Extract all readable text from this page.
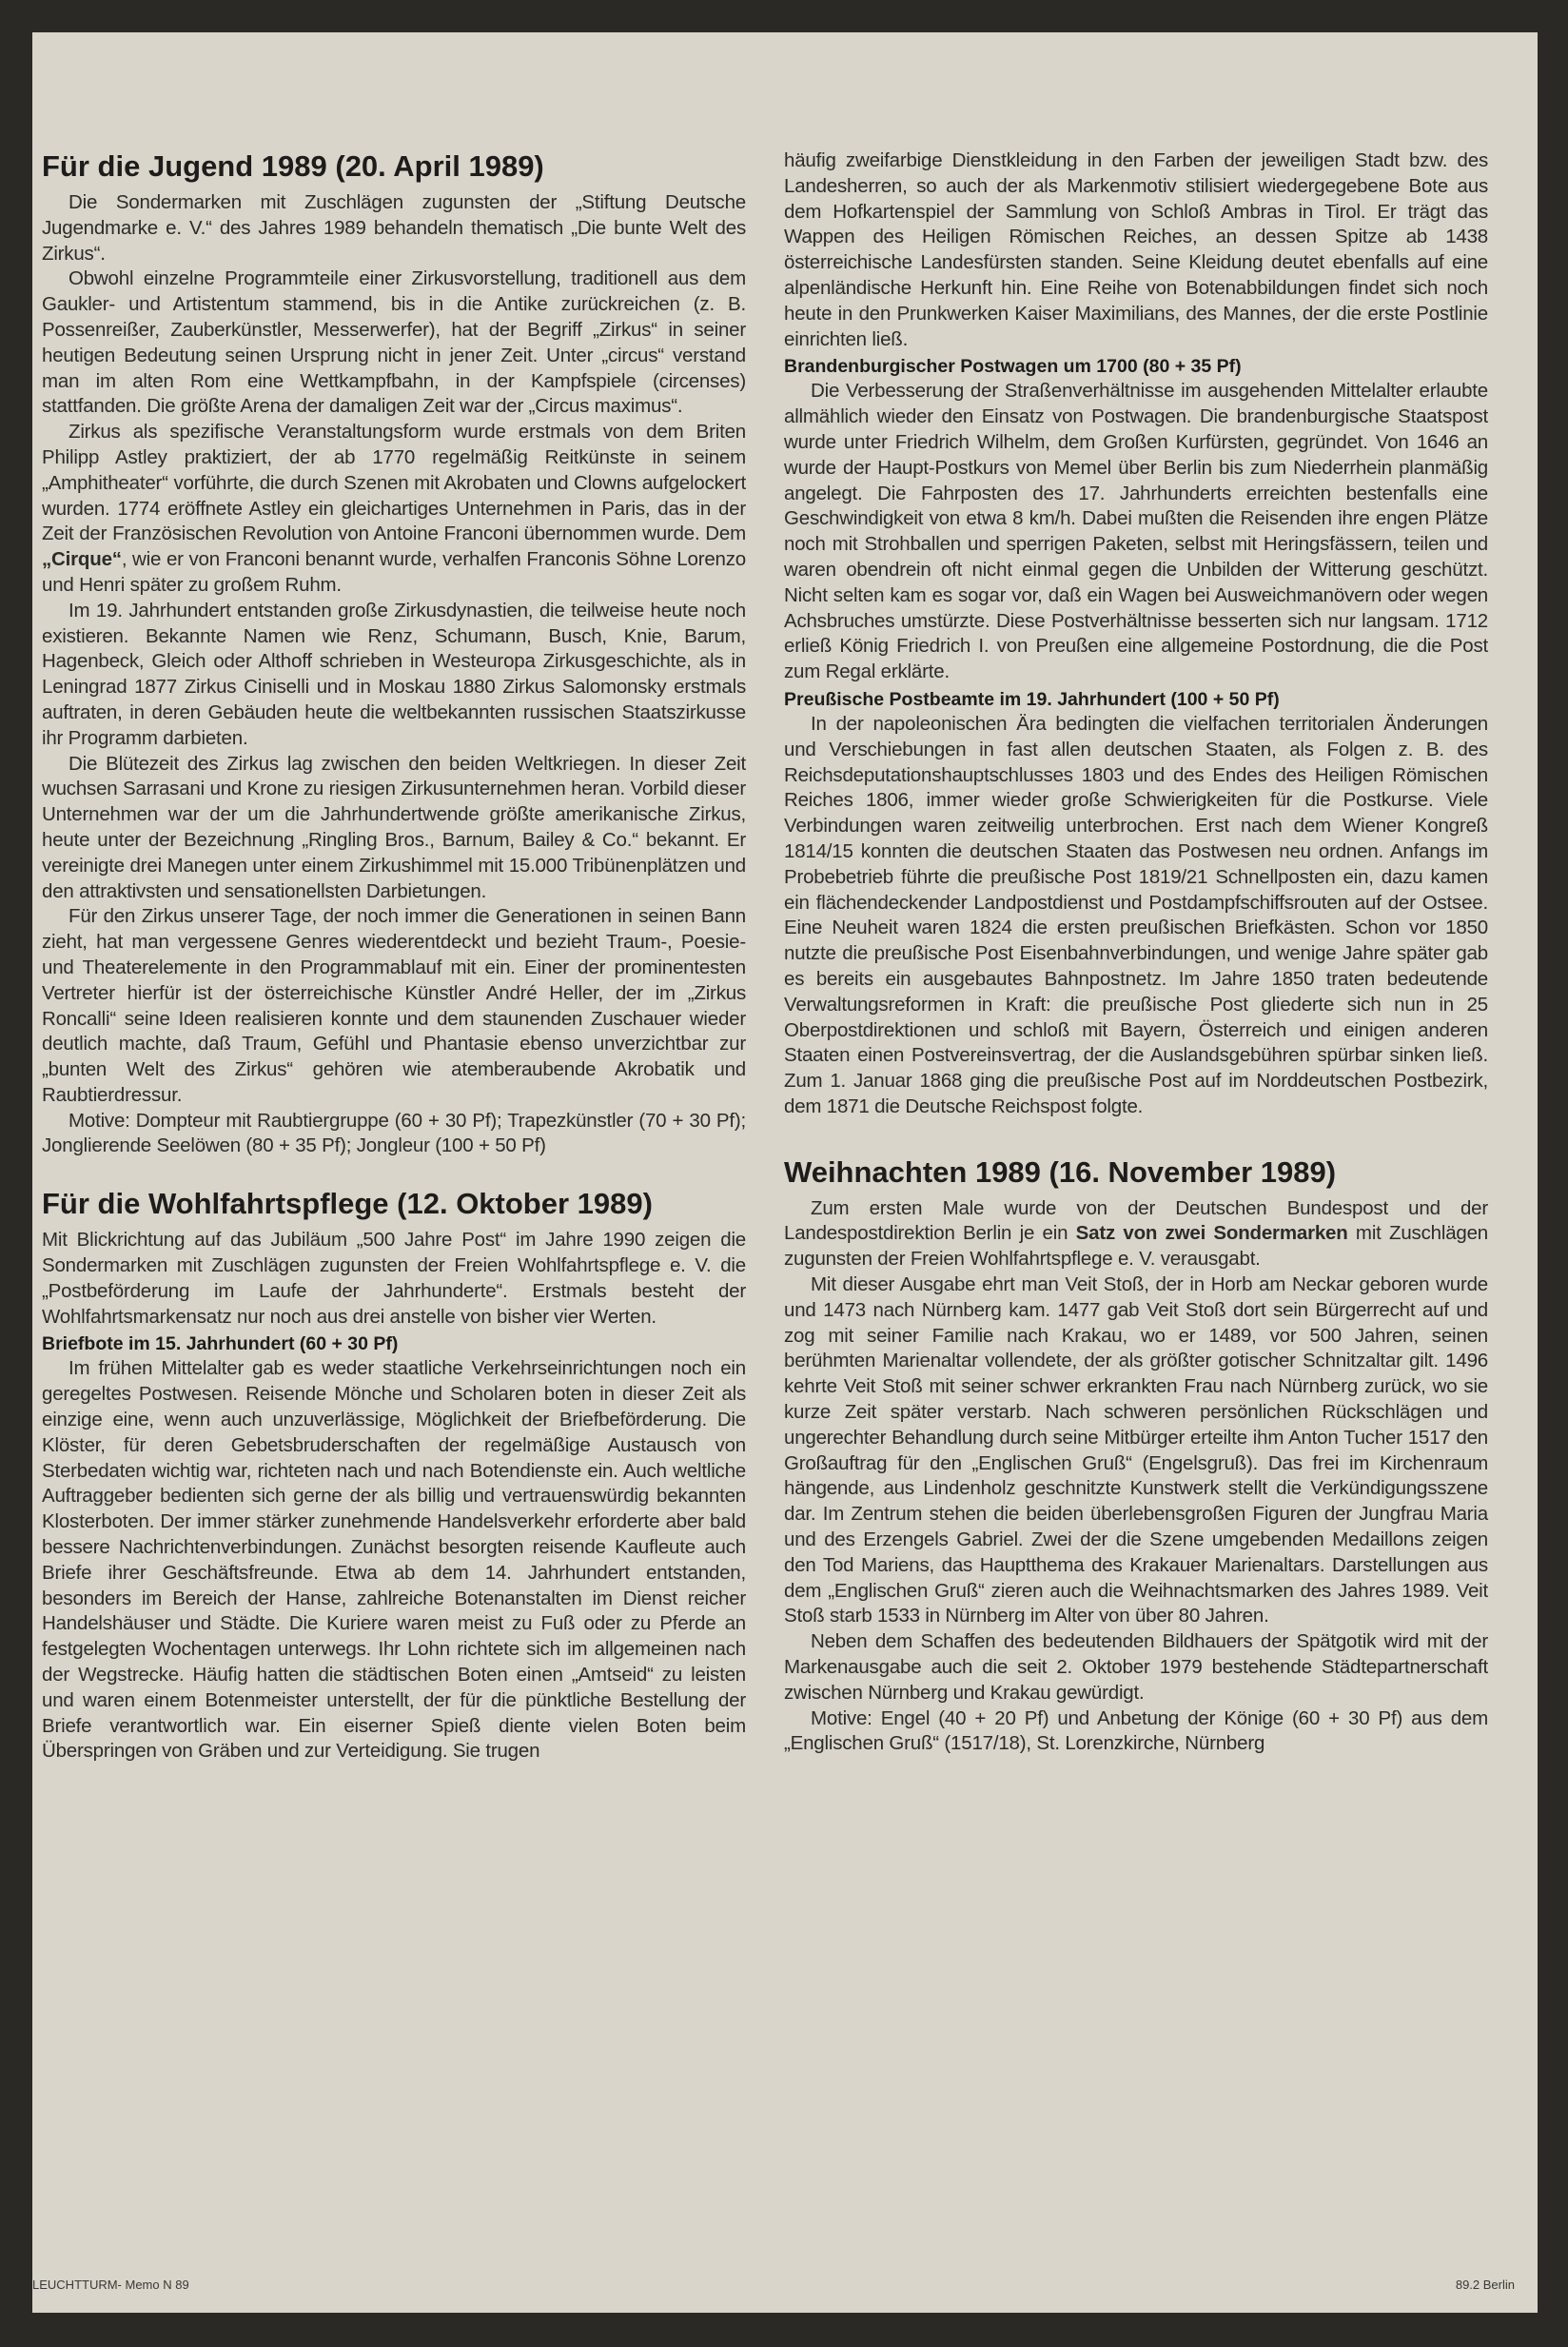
Für die Jugend 1989 (20. April 1989)

Die Sondermarken mit Zuschlägen zugunsten der „Stiftung Deutsche Jugendmarke e. V.“ des Jahres 1989 behandeln thematisch „Die bunte Welt des Zirkus“.

Obwohl einzelne Programmteile einer Zirkusvorstellung, traditionell aus dem Gaukler- und Artistentum stammend, bis in die Antike zurückreichen (z. B. Possenreißer, Zauberkünstler, Messerwerfer), hat der Begriff „Zirkus“ in seiner heutigen Bedeutung seinen Ursprung nicht in jener Zeit. Unter „circus“ verstand man im alten Rom eine Wettkampfbahn, in der Kampfspiele (circenses) stattfanden. Die größte Arena der damaligen Zeit war der „Circus maximus“.

Zirkus als spezifische Veranstaltungsform wurde erstmals von dem Briten Philipp Astley praktiziert, der ab 1770 regelmäßig Reitkünste in seinem „Amphitheater“ vorführte, die durch Szenen mit Akrobaten und Clowns aufgelockert wurden. 1774 eröffnete Astley ein gleichartiges Unternehmen in Paris, das in der Zeit der Französischen Revolution von Antoine Franconi übernommen wurde. Dem „Cirque“, wie er von Franconi benannt wurde, verhalfen Franconis Söhne Lorenzo und Henri später zu großem Ruhm.

Im 19. Jahrhundert entstanden große Zirkusdynastien, die teilweise heute noch existieren. Bekannte Namen wie Renz, Schumann, Busch, Knie, Barum, Hagenbeck, Gleich oder Althoff schrieben in Westeuropa Zirkusgeschichte, als in Leningrad 1877 Zirkus Ciniselli und in Moskau 1880 Zirkus Salomonsky erstmals auftraten, in deren Gebäuden heute die weltbekannten russischen Staatszirkusse ihr Programm darbieten.

Die Blütezeit des Zirkus lag zwischen den beiden Weltkriegen. In dieser Zeit wuchsen Sarrasani und Krone zu riesigen Zirkusunternehmen heran. Vorbild dieser Unternehmen war der um die Jahrhundertwende größte amerikanische Zirkus, heute unter der Bezeichnung „Ringling Bros., Barnum, Bailey & Co.“ bekannt. Er vereinigte drei Manegen unter einem Zirkushimmel mit 15.000 Tribünenplätzen und den attraktivsten und sensationellsten Darbietungen.

Für den Zirkus unserer Tage, der noch immer die Generationen in seinen Bann zieht, hat man vergessene Genres wiederentdeckt und bezieht Traum-, Poesie- und Theaterelemente in den Programmablauf mit ein. Einer der prominentesten Vertreter hierfür ist der österreichische Künstler André Heller, der im „Zirkus Roncalli“ seine Ideen realisieren konnte und dem staunenden Zuschauer wieder deutlich machte, daß Traum, Gefühl und Phantasie ebenso unverzichtbar zur „bunten Welt des Zirkus“ gehören wie atemberaubende Akrobatik und Raubtierdressur.

Motive: Dompteur mit Raubtiergruppe (60 + 30 Pf); Trapezkünstler (70 + 30 Pf); Jonglierende Seelöwen (80 + 35 Pf); Jongleur (100 + 50 Pf)

Für die Wohlfahrtspflege (12. Oktober 1989)

Mit Blickrichtung auf das Jubiläum „500 Jahre Post“ im Jahre 1990 zeigen die Sondermarken mit Zuschlägen zugunsten der Freien Wohlfahrtspflege e. V. die „Postbeförderung im Laufe der Jahrhunderte“. Erstmals besteht der Wohlfahrtsmarkensatz nur noch aus drei anstelle von bisher vier Werten.

Briefbote im 15. Jahrhundert (60 + 30 Pf)

Im frühen Mittelalter gab es weder staatliche Verkehrseinrichtungen noch ein geregeltes Postwesen. Reisende Mönche und Scholaren boten in dieser Zeit als einzige eine, wenn auch unzuverlässige, Möglichkeit der Briefbeförderung. Die Klöster, für deren Gebetsbruderschaften der regelmäßige Austausch von Sterbedaten wichtig war, richteten nach und nach Botendienste ein. Auch weltliche Auftraggeber bedienten sich gerne der als billig und vertrauenswürdig bekannten Klosterboten. Der immer stärker zunehmende Handelsverkehr erforderte aber bald bessere Nachrichtenverbindungen. Zunächst besorgten reisende Kaufleute auch Briefe ihrer Geschäftsfreunde. Etwa ab dem 14. Jahrhundert entstanden, besonders im Bereich der Hanse, zahlreiche Botenanstalten im Dienst reicher Handelshäuser und Städte. Die Kuriere waren meist zu Fuß oder zu Pferde an festgelegten Wochentagen unterwegs. Ihr Lohn richtete sich im allgemeinen nach der Wegstrecke. Häufig hatten die städtischen Boten einen „Amtseid“ zu leisten und waren einem Botenmeister unterstellt, der für die pünktliche Bestellung der Briefe verantwortlich war. Ein eiserner Spieß diente vielen Boten beim Überspringen von Gräben und zur Verteidigung. Sie trugen

häufig zweifarbige Dienstkleidung in den Farben der jeweiligen Stadt bzw. des Landesherren, so auch der als Markenmotiv stilisiert wiedergegebene Bote aus dem Hofkartenspiel der Sammlung von Schloß Ambras in Tirol. Er trägt das Wappen des Heiligen Römischen Reiches, an dessen Spitze ab 1438 österreichische Landesfürsten standen. Seine Kleidung deutet ebenfalls auf eine alpenländische Herkunft hin. Eine Reihe von Botenabbildungen findet sich noch heute in den Prunkwerken Kaiser Maximilians, des Mannes, der die erste Postlinie einrichten ließ.

Brandenburgischer Postwagen um 1700 (80 + 35 Pf)

Die Verbesserung der Straßenverhältnisse im ausgehenden Mittelalter erlaubte allmählich wieder den Einsatz von Postwagen. Die brandenburgische Staatspost wurde unter Friedrich Wilhelm, dem Großen Kurfürsten, gegründet. Von 1646 an wurde der Haupt-Postkurs von Memel über Berlin bis zum Niederrhein planmäßig angelegt. Die Fahrposten des 17. Jahrhunderts erreichten bestenfalls eine Geschwindigkeit von etwa 8 km/h. Dabei mußten die Reisenden ihre engen Plätze noch mit Strohballen und sperrigen Paketen, selbst mit Heringsfässern, teilen und waren obendrein oft nicht einmal gegen die Unbilden der Witterung geschützt. Nicht selten kam es sogar vor, daß ein Wagen bei Ausweichmanövern oder wegen Achsbruches umstürzte. Diese Postverhältnisse besserten sich nur langsam. 1712 erließ König Friedrich I. von Preußen eine allgemeine Postordnung, die die Post zum Regal erklärte.

Preußische Postbeamte im 19. Jahrhundert (100 + 50 Pf)

In der napoleonischen Ära bedingten die vielfachen territorialen Änderungen und Verschiebungen in fast allen deutschen Staaten, als Folgen z. B. des Reichsdeputationshauptschlusses 1803 und des Endes des Heiligen Römischen Reiches 1806, immer wieder große Schwierigkeiten für die Postkurse. Viele Verbindungen waren zeitweilig unterbrochen. Erst nach dem Wiener Kongreß 1814/15 konnten die deutschen Staaten das Postwesen neu ordnen. Anfangs im Probebetrieb führte die preußische Post 1819/21 Schnellposten ein, dazu kamen ein flächendeckender Landpostdienst und Postdampfschiffsrouten auf der Ostsee. Eine Neuheit waren 1824 die ersten preußischen Briefkästen. Schon vor 1850 nutzte die preußische Post Eisenbahnverbindungen, und wenige Jahre später gab es bereits ein ausgebautes Bahnpostnetz. Im Jahre 1850 traten bedeutende Verwaltungsreformen in Kraft: die preußische Post gliederte sich nun in 25 Oberpostdirektionen und schloß mit Bayern, Österreich und einigen anderen Staaten einen Postvereinsvertrag, der die Auslandsgebühren spürbar sinken ließ. Zum 1. Januar 1868 ging die preußische Post auf im Norddeutschen Postbezirk, dem 1871 die Deutsche Reichspost folgte.

Weihnachten 1989 (16. November 1989)

Zum ersten Male wurde von der Deutschen Bundespost und der Landespostdirektion Berlin je ein Satz von zwei Sondermarken mit Zuschlägen zugunsten der Freien Wohlfahrtspflege e. V. verausgabt.

Mit dieser Ausgabe ehrt man Veit Stoß, der in Horb am Neckar geboren wurde und 1473 nach Nürnberg kam. 1477 gab Veit Stoß dort sein Bürgerrecht auf und zog mit seiner Familie nach Krakau, wo er 1489, vor 500 Jahren, seinen berühmten Marienaltar vollendete, der als größter gotischer Schnitzaltar gilt. 1496 kehrte Veit Stoß mit seiner schwer erkrankten Frau nach Nürnberg zurück, wo sie kurze Zeit später verstarb. Nach schweren persönlichen Rückschlägen und ungerechter Behandlung durch seine Mitbürger erteilte ihm Anton Tucher 1517 den Großauftrag für den „Englischen Gruß“ (Engelsgruß). Das frei im Kirchenraum hängende, aus Lindenholz geschnitzte Kunstwerk stellt die Verkündigungsszene dar. Im Zentrum stehen die beiden überlebensgroßen Figuren der Jungfrau Maria und des Erzengels Gabriel. Zwei der die Szene umgebenden Medaillons zeigen den Tod Mariens, das Hauptthema des Krakauer Marienaltars. Darstellungen aus dem „Englischen Gruß“ zieren auch die Weihnachtsmarken des Jahres 1989. Veit Stoß starb 1533 in Nürnberg im Alter von über 80 Jahren.

Neben dem Schaffen des bedeutenden Bildhauers der Spätgotik wird mit der Markenausgabe auch die seit 2. Oktober 1979 bestehende Städtepartnerschaft zwischen Nürnberg und Krakau gewürdigt.

Motive: Engel (40 + 20 Pf) und Anbetung der Könige (60 + 30 Pf) aus dem „Englischen Gruß“ (1517/18), St. Lorenzkirche, Nürnberg

LEUCHTTURM- Memo N 89	89.2 Berlin
